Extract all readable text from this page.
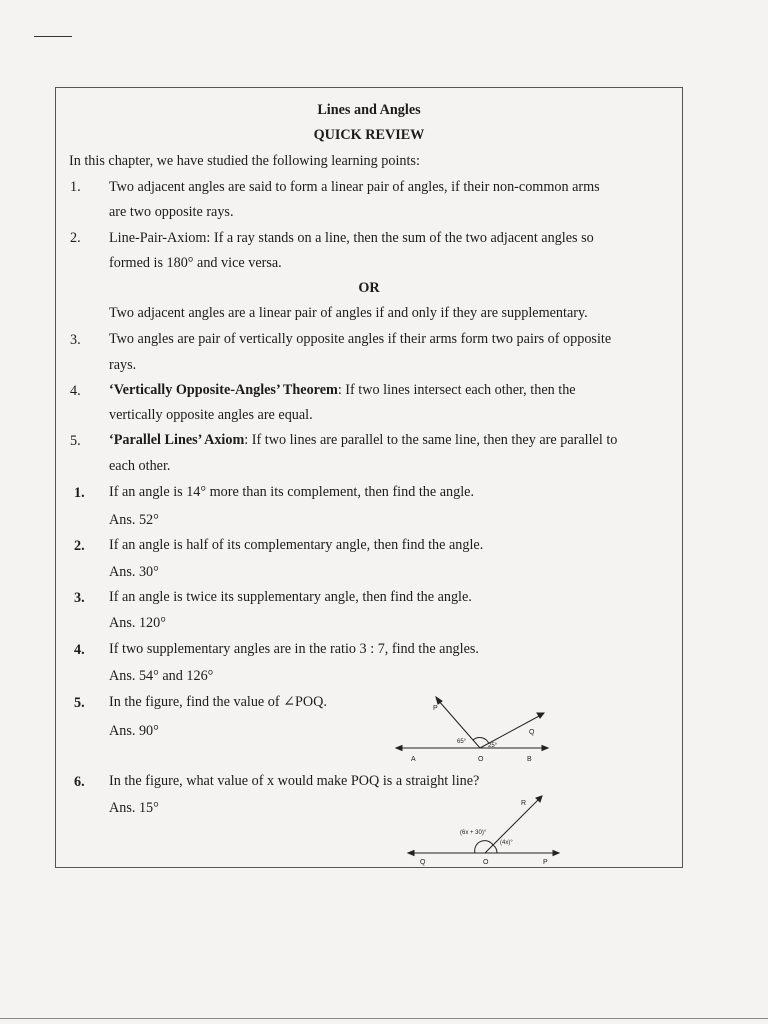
Lines and Angles
QUICK REVIEW
In this chapter, we have studied the following learning points:
1. Two adjacent angles are said to form a linear pair of angles, if their non-common arms
are two opposite rays.
2. Line-Pair-Axiom: If a ray stands on a line, then the sum of the two adjacent angles so
formed is 180° and vice versa.
OR
Two adjacent angles are a linear pair of angles if and only if they are supplementary.
3. Two angles are pair of vertically opposite angles if their arms form two pairs of opposite
rays.
4. ‘Vertically Opposite-Angles’ Theorem: If two lines intersect each other, then the
vertically opposite angles are equal.
5. ‘Parallel Lines’ Axiom: If two lines are parallel to the same line, then they are parallel to
each other.
1. If an angle is 14° more than its complement, then find the angle.
Ans. 52°
2. If an angle is half of its complementary angle, then find the angle.
Ans. 30°
3. If an angle is twice its supplementary angle, then find the angle.
Ans. 120°
4. If two supplementary angles are in the ratio 3 : 7, find the angles.
Ans. 54° and 126°
5. In the figure, find the value of ∠POQ.
Ans. 90°
6. In the figure, what value of x would make POQ is a straight line?
Ans. 15°
P
Q
A	O	B
65°
25°
R
Q	O	P
(6x + 30)°
(4x)°
